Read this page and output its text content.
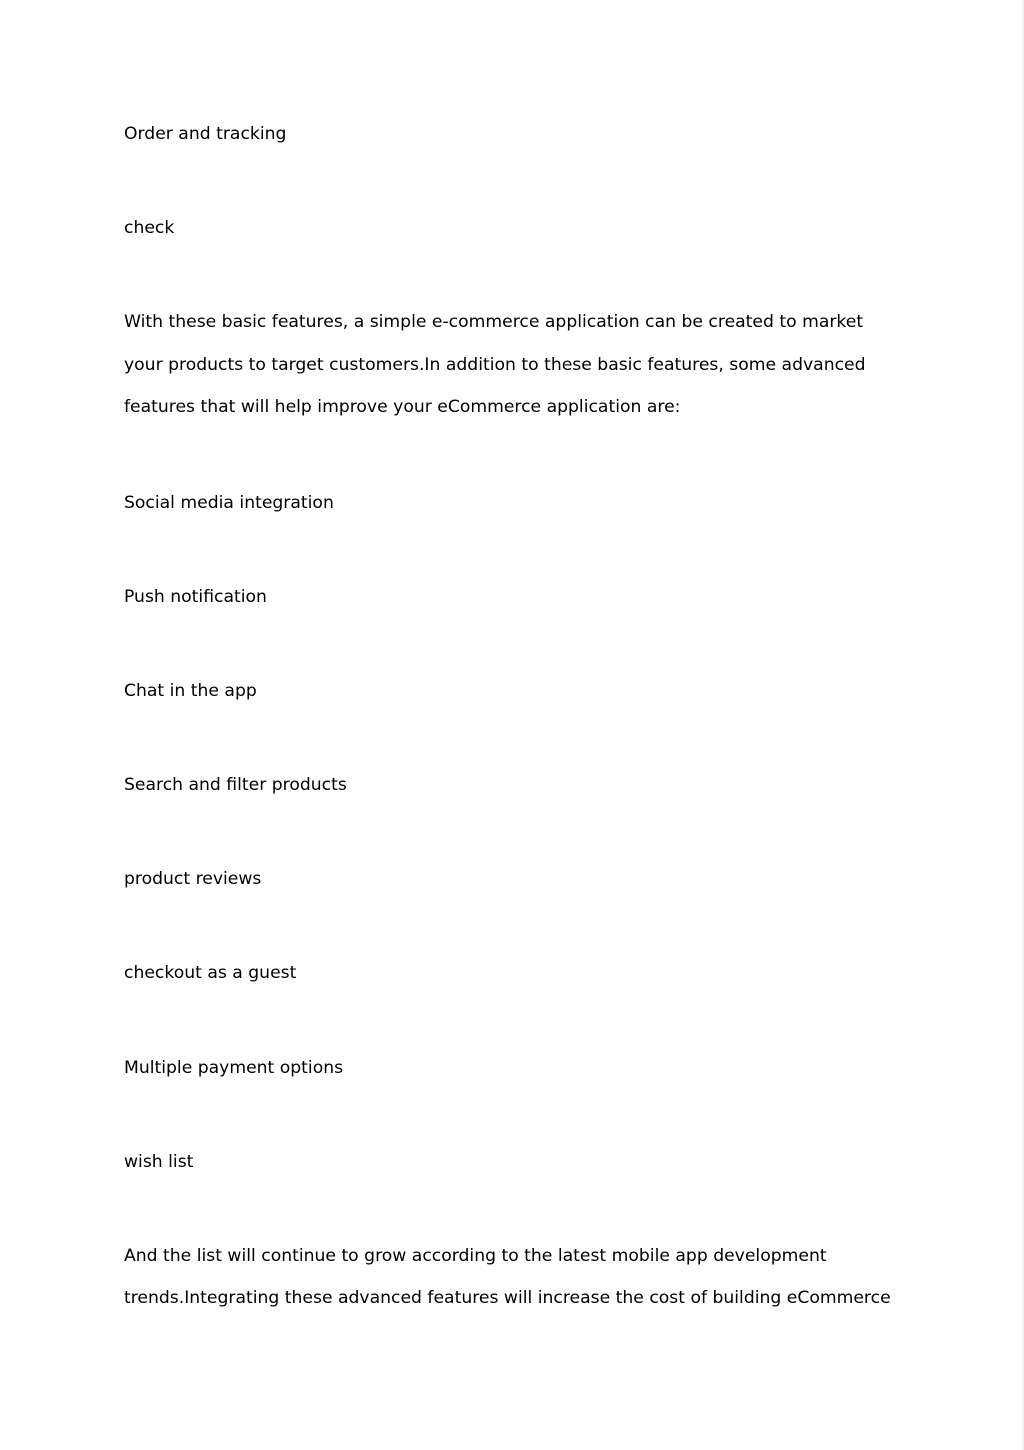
Order and tracking
check
With these basic features, a simple e-commerce application can be created to market
your products to target customers.In addition to these basic features, some advanced
features that will help improve your eCommerce application are:
Social media integration
Push notification
Chat in the app
Search and filter products
product reviews
checkout as a guest
Multiple payment options
wish list
And the list will continue to grow according to the latest mobile app development
trends.Integrating these advanced features will increase the cost of building eCommerce
